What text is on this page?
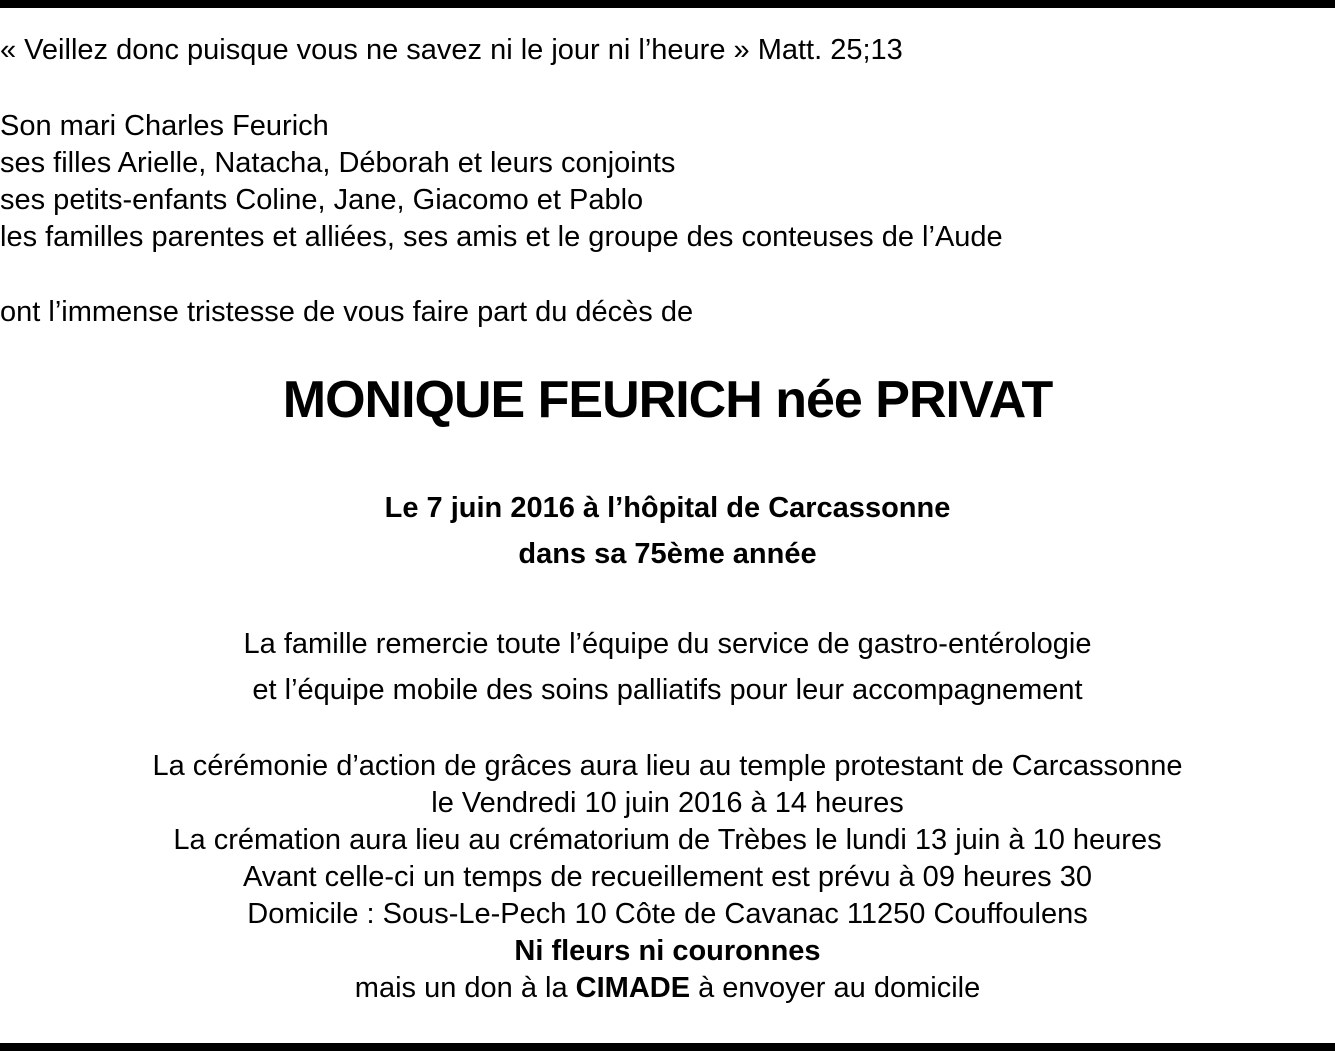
« Veillez donc puisque vous ne savez ni le jour ni l’heure » Matt. 25;13
Son mari Charles Feurich
ses filles Arielle, Natacha, Déborah et leurs conjoints
ses petits-enfants Coline, Jane, Giacomo et Pablo
les familles parentes et alliées, ses amis et le groupe des conteuses de l’Aude
ont l’immense tristesse de vous faire part du décès de
MONIQUE FEURICH née PRIVAT
Le 7 juin 2016 à l’hôpital de Carcassonne
dans sa 75ème année
La famille remercie toute l’équipe du service de gastro-entérologie
et l’équipe mobile des soins palliatifs pour leur accompagnement
La cérémonie d’action de grâces aura lieu au temple protestant de Carcassonne
le Vendredi 10 juin 2016 à 14 heures
La crémation aura lieu au crématorium de Trèbes le lundi 13 juin à 10 heures
Avant celle-ci un temps de recueillement est prévu à 09 heures 30
Domicile : Sous-Le-Pech 10 Côte de Cavanac 11250 Couffoulens
Ni fleurs ni couronnes
mais un don à la CIMADE à envoyer au domicile
